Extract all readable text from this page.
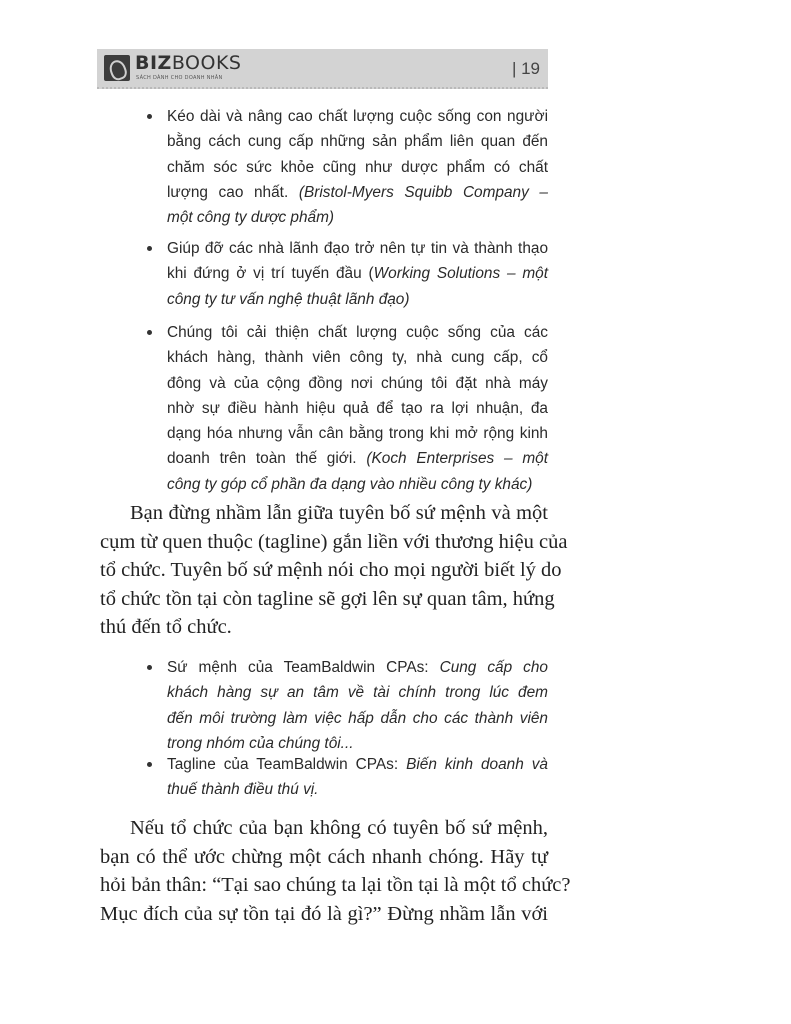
BIZBOOKS
SÁCH DÀNH CHO DOANH NHÂN	| 19
Kéo dài và nâng cao chất lượng cuộc sống con người
bằng cách cung cấp những sản phẩm liên quan đến
chăm sóc sức khỏe cũng như dược phẩm có chất
lượng cao nhất. (Bristol-Myers Squibb Company –
một công ty dược phẩm)
Giúp đỡ các nhà lãnh đạo trở nên tự tin và thành thạo
khi đứng ở vị trí tuyến đầu (Working Solutions – một
công ty tư vấn nghệ thuật lãnh đạo)
Chúng tôi cải thiện chất lượng cuộc sống của các
khách hàng, thành viên công ty, nhà cung cấp, cổ
đông và của cộng đồng nơi chúng tôi đặt nhà máy
nhờ sự điều hành hiệu quả để tạo ra lợi nhuận, đa
dạng hóa nhưng vẫn cân bằng trong khi mở rộng kinh
doanh trên toàn thế giới. (Koch Enterprises – một
công ty góp cổ phần đa dạng vào nhiều công ty khác)
Bạn đừng nhầm lẫn giữa tuyên bố sứ mệnh và một
cụm từ quen thuộc (tagline) gắn liền với thương hiệu của
tổ chức. Tuyên bố sứ mệnh nói cho mọi người biết lý do
tổ chức tồn tại còn tagline sẽ gợi lên sự quan tâm, hứng
thú đến tổ chức.
Sứ mệnh của TeamBaldwin CPAs: Cung cấp cho
khách hàng sự an tâm về tài chính trong lúc đem
đến môi trường làm việc hấp dẫn cho các thành viên
trong nhóm của chúng tôi...
Tagline của TeamBaldwin CPAs: Biến kinh doanh và
thuế thành điều thú vị.
Nếu tổ chức của bạn không có tuyên bố sứ mệnh,
bạn có thể ước chừng một cách nhanh chóng. Hãy tự
hỏi bản thân: “Tại sao chúng ta lại tồn tại là một tổ chức?
Mục đích của sự tồn tại đó là gì?” Đừng nhầm lẫn với
